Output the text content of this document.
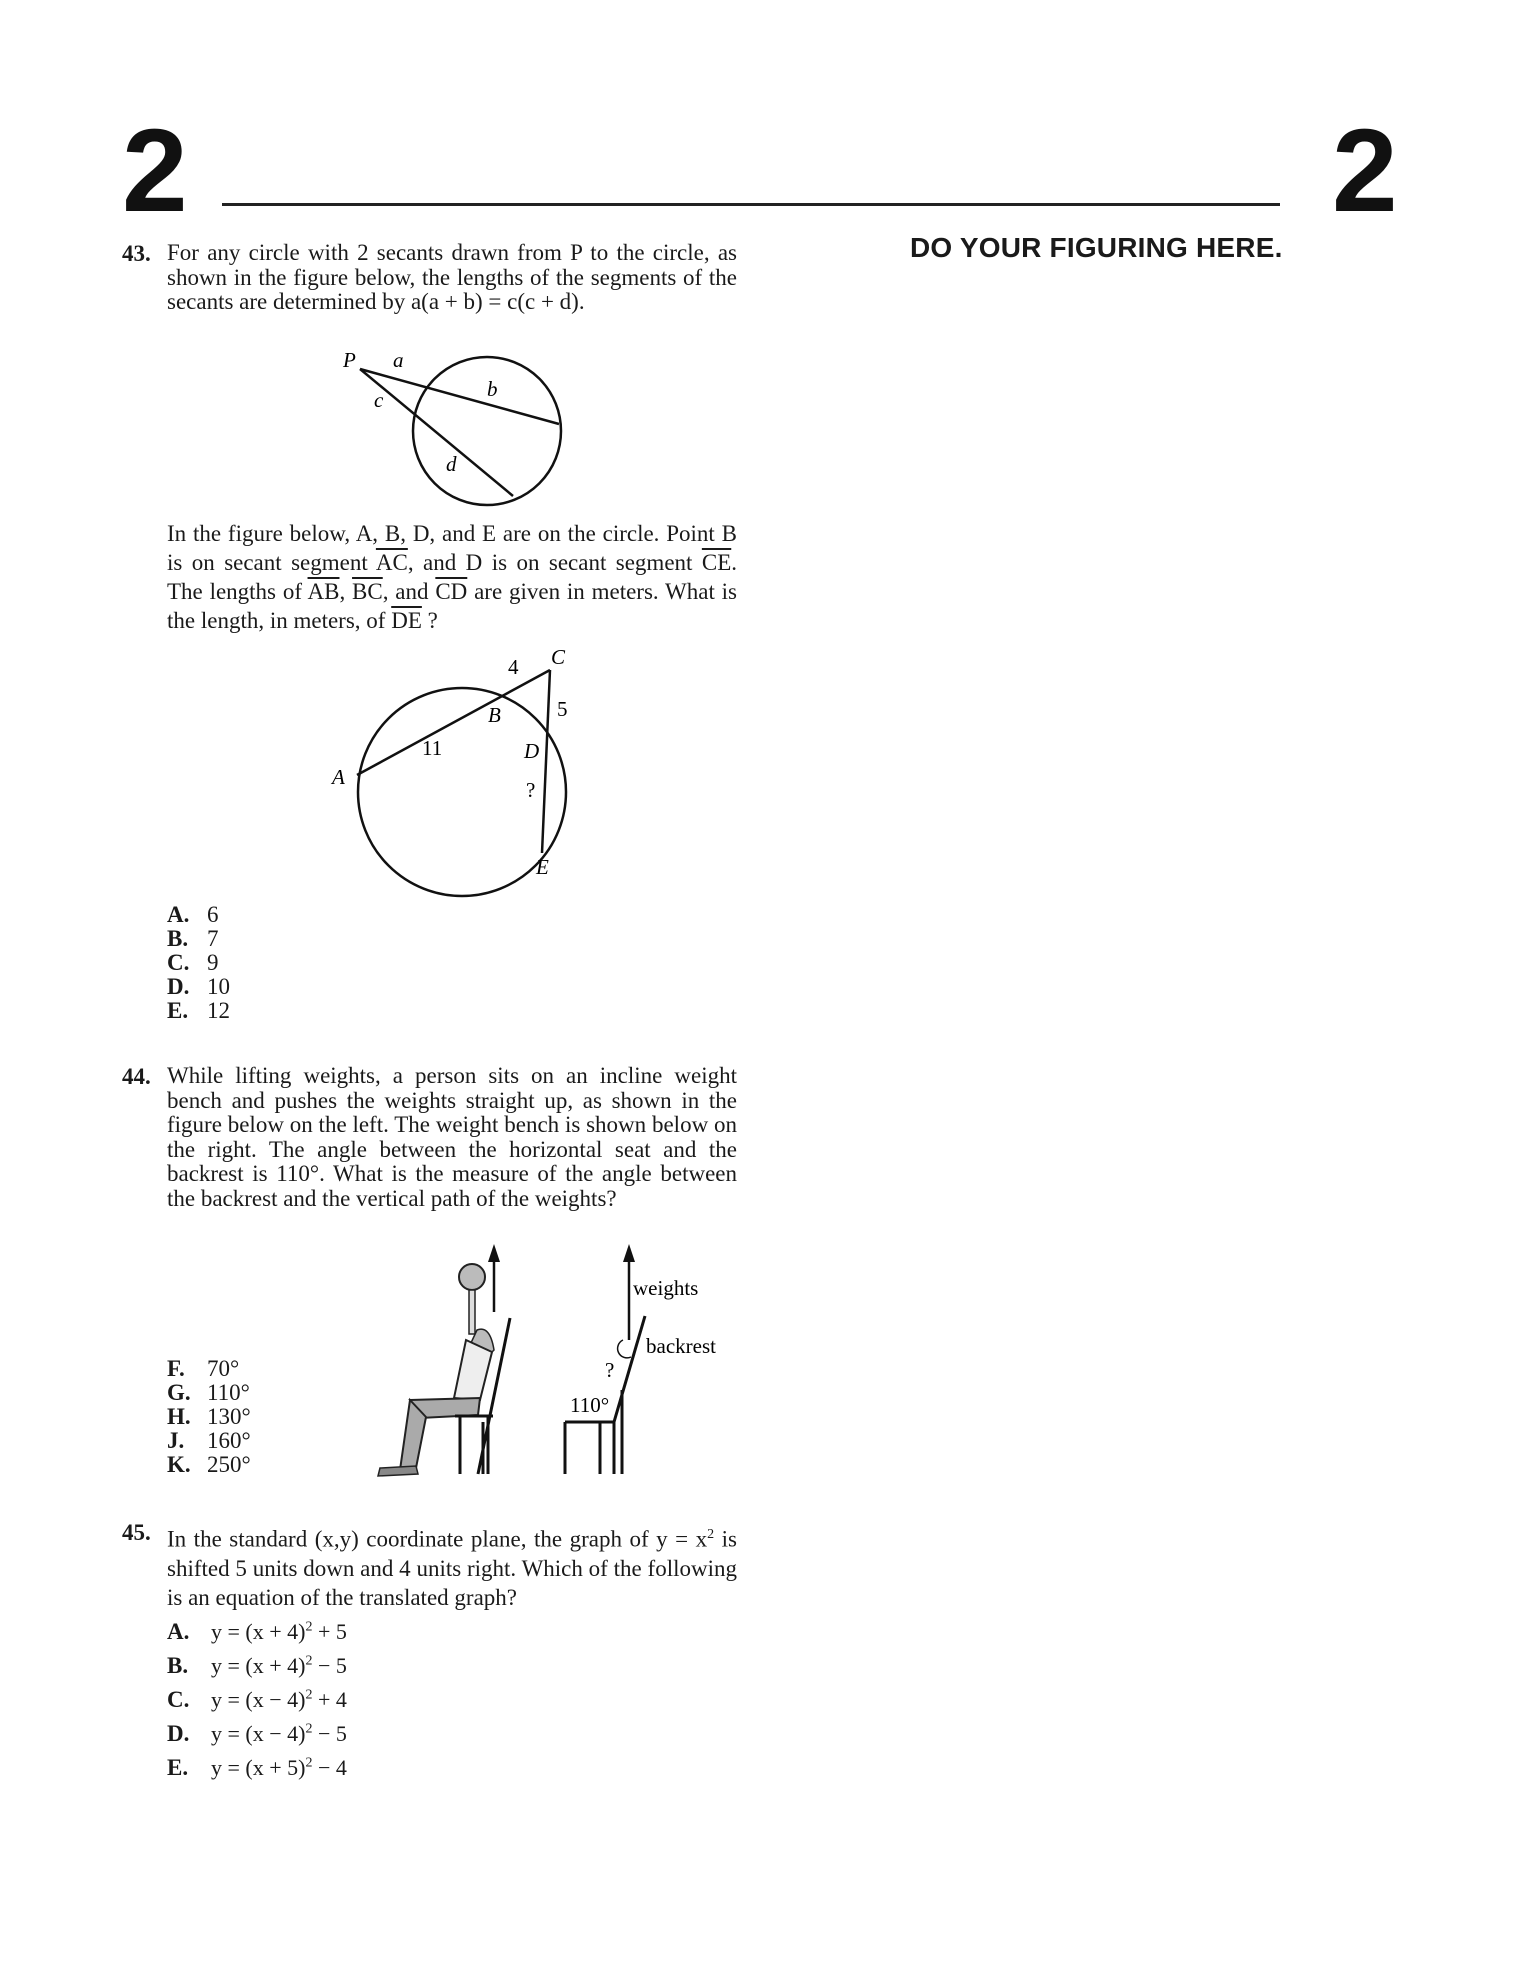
2	2
DO YOUR FIGURING HERE.
43. For any circle with 2 secants drawn from P to the circle, as shown in the figure below, the lengths of the segments of the secants are determined by a(a + b) = c(c + d).
P a
b
c
d
In the figure below, A, B, D, and E are on the circle. Point B is on secant segment $\overline{AC}$, and D is on secant segment $\overline{CE}$. The lengths of $\overline{AB}$, $\overline{BC}$, and $\overline{CD}$ are given in meters. What is the length, in meters, of $\overline{DE}$ ?
C
4
5
B
11	D
A
?
E
A. 6
B. 7
C. 9
D. 10
E. 12
44. While lifting weights, a person sits on an incline weight bench and pushes the weights straight up, as shown in the figure below on the left. The weight bench is shown below on the right. The angle between the horizontal seat and the backrest is 110°. What is the measure of the angle between the backrest and the vertical path of the weights?
weights
backrest
?
110°
F. 70°
G. 110°
H. 130°
J. 160°
K. 250°
45. In the standard (x,y) coordinate plane, the graph of $y = x^2$ is shifted 5 units down and 4 units right. Which of the following is an equation of the translated graph?
A. $y = (x + 4)^2 + 5$
B. $y = (x + 4)^2 - 5$
C. $y = (x - 4)^2 + 4$
D. $y = (x - 4)^2 - 5$
E. $y = (x + 5)^2 - 4$
